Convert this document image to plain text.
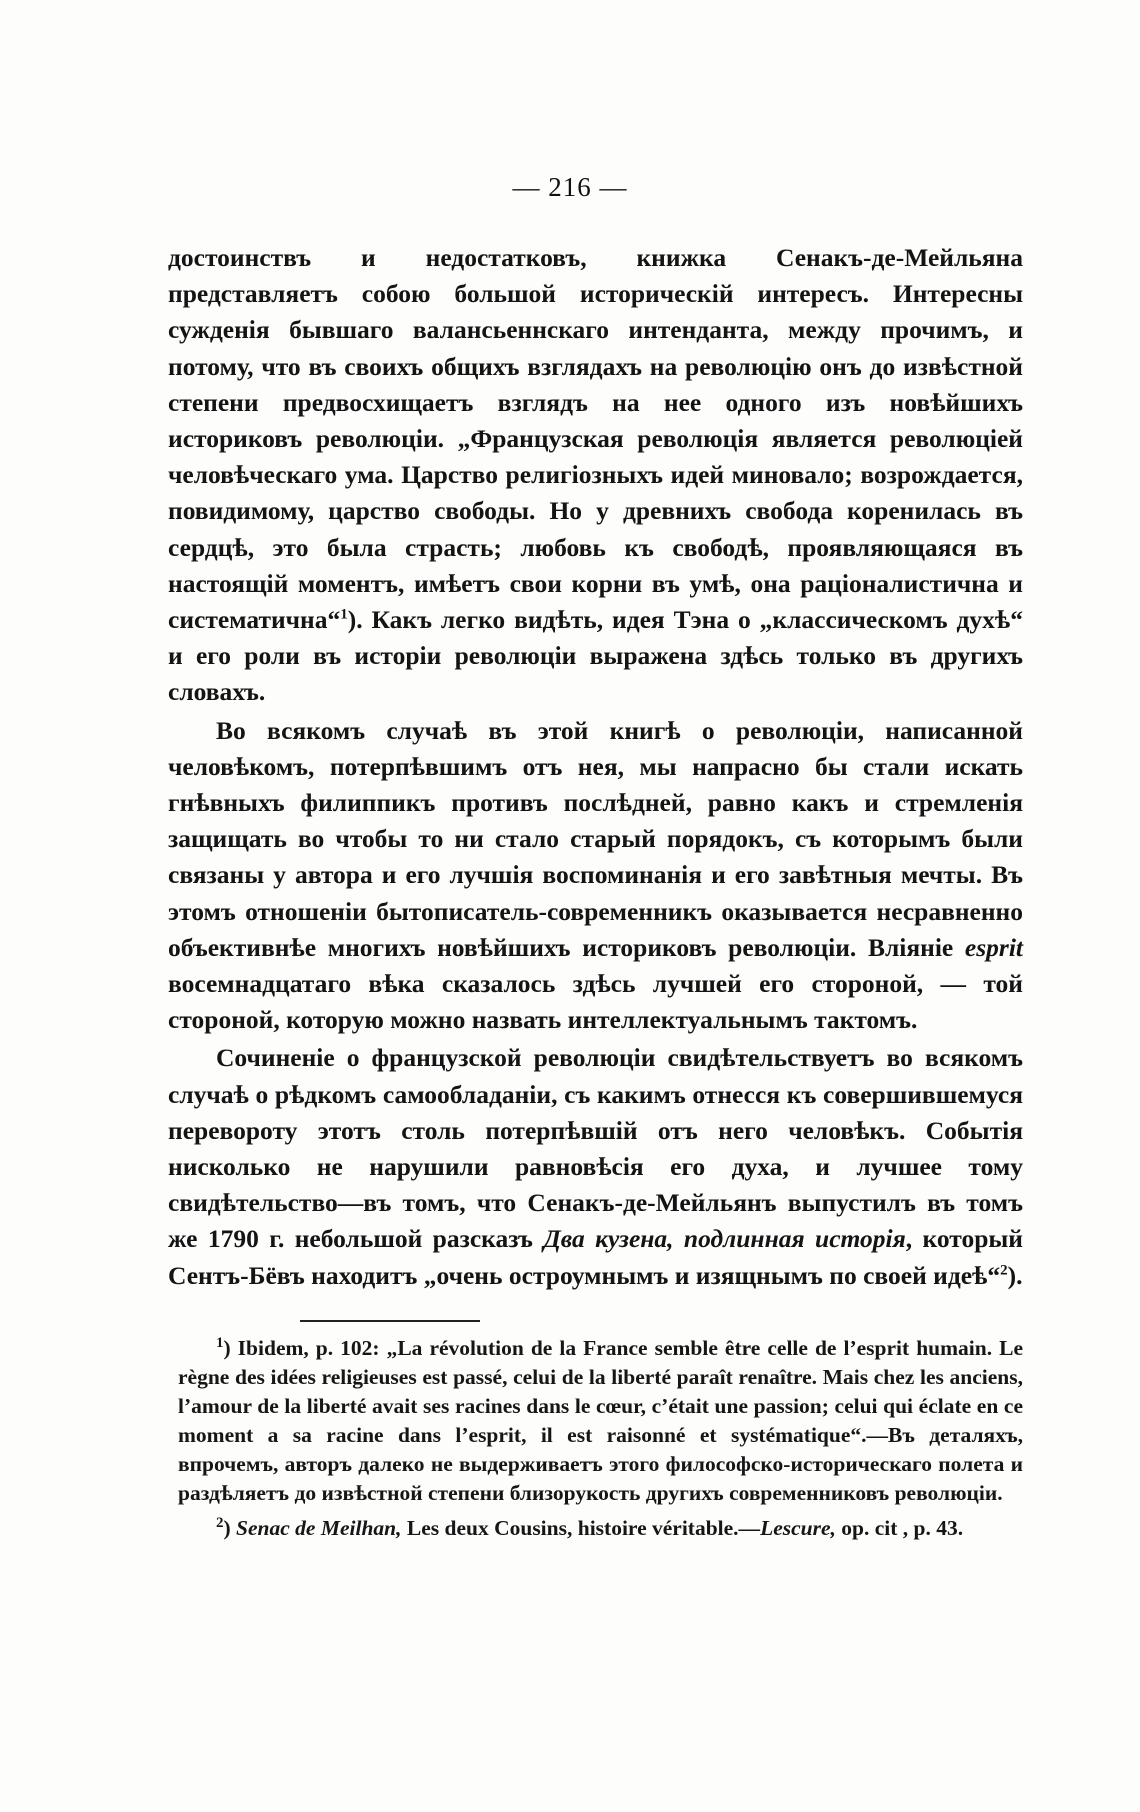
— 216 —

достоинствъ и недостатковъ, книжка Сенакъ-де-Мейльяна представляетъ собою большой историческій интересъ. Интересны сужденія бывшаго валансьеннскаго интенданта, между прочимъ, и потому, что въ своихъ общихъ взглядахъ на революцію онъ до извѣстной степени предвосхищаетъ взглядъ на нее одного изъ новѣйшихъ историковъ революціи. „Французская революція является революціей человѣческаго ума. Царство религіозныхъ идей миновало; возрождается, повидимому, царство свободы. Но у древнихъ свобода коренилась въ сердцѣ, это была страсть; любовь къ свободѣ, проявляющаяся въ настоящій моментъ, имѣетъ свои корни въ умѣ, она раціоналистична и систематична“$^1$). Какъ легко видѣть, идея Тэна о „классическомъ духѣ“ и его роли въ исторіи революціи выражена здѣсь только въ другихъ словахъ.

Во всякомъ случаѣ въ этой книгѣ о революціи, написанной человѣкомъ, потерпѣвшимъ отъ нея, мы напрасно бы стали искать гнѣвныхъ филиппикъ противъ послѣдней, равно какъ и стремленія защищать во чтобы то ни стало старый порядокъ, съ которымъ были связаны у автора и его лучшія воспоминанія и его завѣтныя мечты. Въ этомъ отношеніи бытописатель-современникъ оказывается несравненно объективнѣе многихъ новѣйшихъ историковъ революціи. Вліяніе esprit восемнадцатаго вѣка сказалось здѣсь лучшей его стороной, — той стороной, которую можно назвать интеллектуальнымъ тактомъ.

Сочиненіе о французской революціи свидѣтельствуетъ во всякомъ случаѣ о рѣдкомъ самообладаніи, съ какимъ отнесся къ совершившемуся перевороту этотъ столь потерпѣвшій отъ него человѣкъ. Событія нисколько не нарушили равновѣсія его духа, и лучшее тому свидѣтельство—въ томъ, что Сенакъ-де-Мейльянъ выпустилъ въ томъ же 1790 г. небольшой разсказъ Два кузена, подлинная исторія, который Сентъ-Бёвъ находитъ „очень остроумнымъ и изящнымъ по своей идеѣ“$^2$).

$^1$) Ibidem, p. 102: „La révolution de la France semble être celle de l’esprit humain. Le règne des idées religieuses est passé, celui de la liberté paraît renaître. Mais chez les anciens, l’amour de la liberté avait ses racines dans le cœur, c’était une passion; celui qui éclate en ce moment a sa racine dans l’esprit, il est raisonné et systématique“.—Въ деталяхъ, впрочемъ, авторъ далеко не выдерживаетъ этого философско-историческаго полета и раздѣляетъ до извѣстной степени близорукость другихъ современниковъ революціи.

$^2$) Senac de Meilhan, Les deux Cousins, histoire véritable.—Lescure, op. cit , p. 43.
